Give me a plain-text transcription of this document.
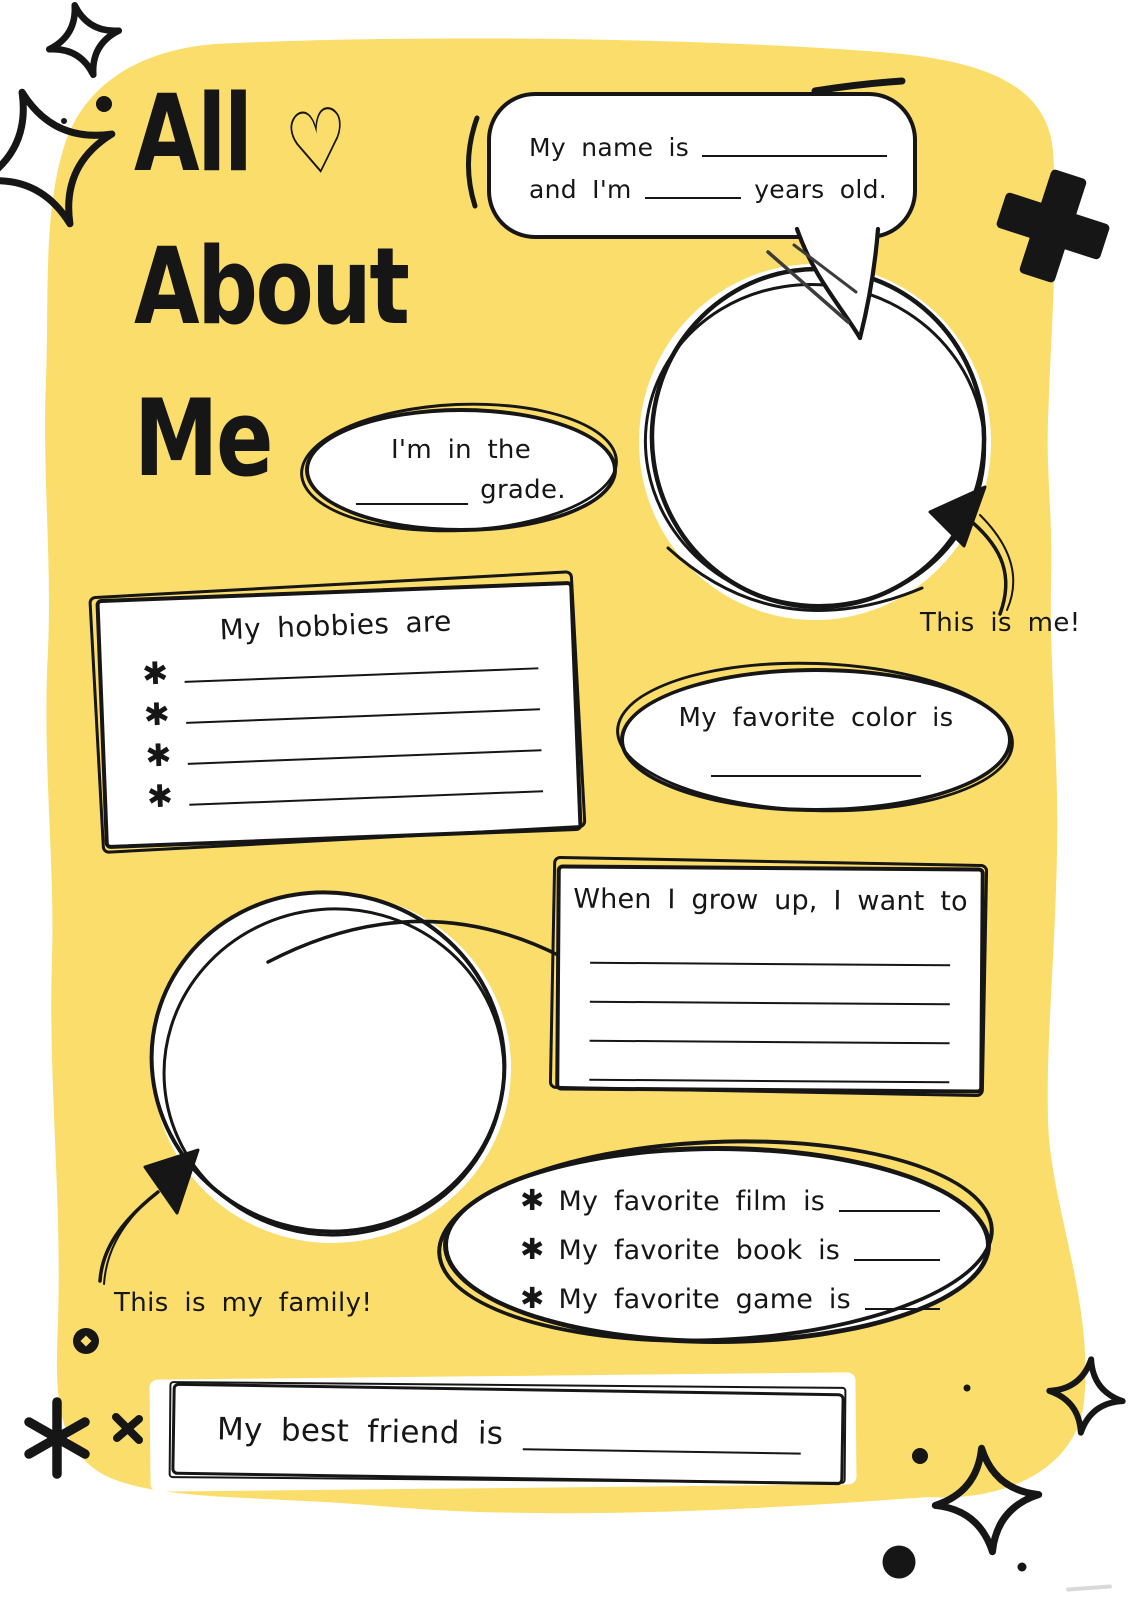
All ♡
About
Me
My name is
and I'm	years old.
I'm in the
grade.
My hobbies are
✱
✱
✱
✱
My favorite color is
When I grow up, I want to
✱ My favorite film is
✱ My favorite book is
✱ My favorite game is
My best friend is
This is me!
This is my family!
